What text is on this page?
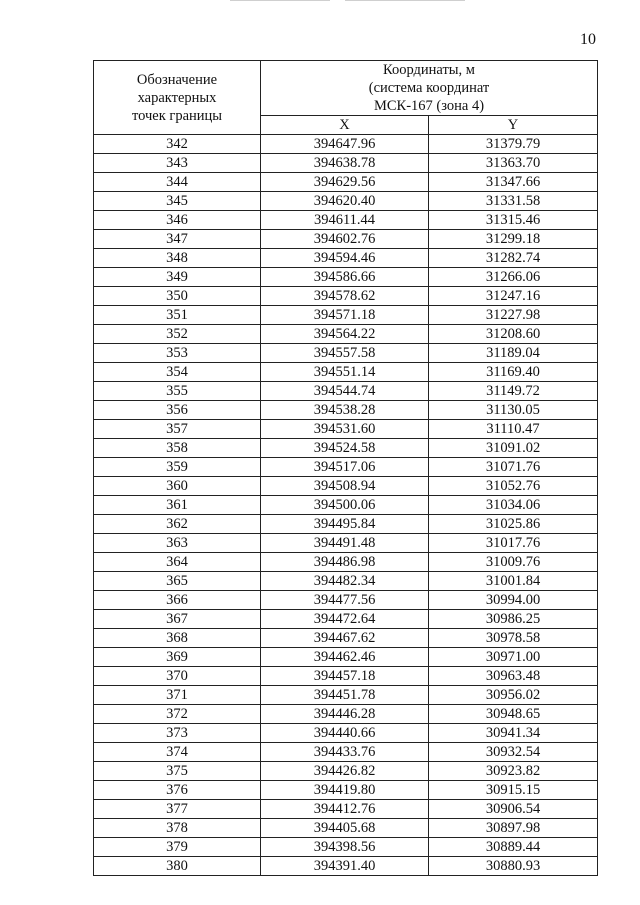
10
Обозначение
характерных
точек границы	Координаты, м
(система координат
МСК-167 (зона 4)	

	X	Y
342	394647.96	31379.79
343	394638.78	31363.70
344	394629.56	31347.66
345	394620.40	31331.58
346	394611.44	31315.46
347	394602.76	31299.18
348	394594.46	31282.74
349	394586.66	31266.06
350	394578.62	31247.16
351	394571.18	31227.98
352	394564.22	31208.60
353	394557.58	31189.04
354	394551.14	31169.40
355	394544.74	31149.72
356	394538.28	31130.05
357	394531.60	31110.47
358	394524.58	31091.02
359	394517.06	31071.76
360	394508.94	31052.76
361	394500.06	31034.06
362	394495.84	31025.86
363	394491.48	31017.76
364	394486.98	31009.76
365	394482.34	31001.84
366	394477.56	30994.00
367	394472.64	30986.25
368	394467.62	30978.58
369	394462.46	30971.00
370	394457.18	30963.48
371	394451.78	30956.02
372	394446.28	30948.65
373	394440.66	30941.34
374	394433.76	30932.54
375	394426.82	30923.82
376	394419.80	30915.15
377	394412.76	30906.54
378	394405.68	30897.98
379	394398.56	30889.44
380	394391.40	30880.93
